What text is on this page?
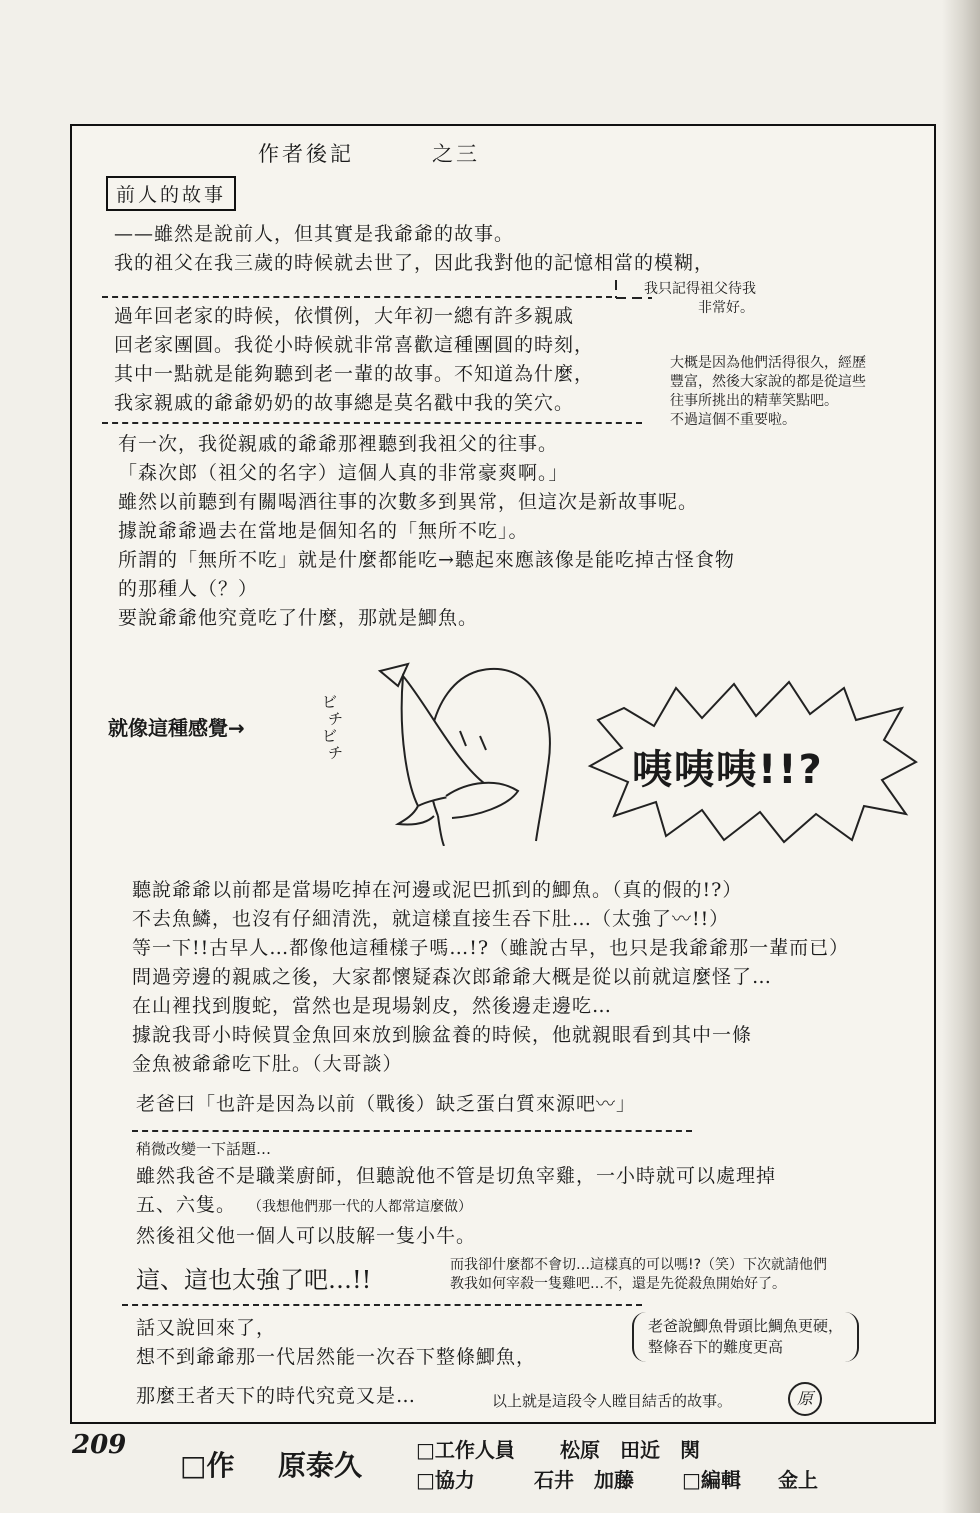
作者後記	之三
前人的故事
——雖然是說前人，但其實是我爺爺的故事。
我的祖父在我三歲的時候就去世了，因此我對他的記憶相當的模糊，
我只記得祖父待我
非常好。
過年回老家的時候，依慣例，大年初一總有許多親戚
回老家團圓。我從小時候就非常喜歡這種團圓的時刻，
其中一點就是能夠聽到老一輩的故事。不知道為什麼，
我家親戚的爺爺奶奶的故事總是莫名戳中我的笑穴。
大概是因為他們活得很久，經歷
豐富，然後大家說的都是從這些
往事所挑出的精華笑點吧。
不過這個不重要啦。
有一次，我從親戚的爺爺那裡聽到我祖父的往事。
「森次郎（祖父的名字）這個人真的非常豪爽啊。」
雖然以前聽到有關喝酒往事的次數多到異常，但這次是新故事呢。
據說爺爺過去在當地是個知名的「無所不吃」。
所謂的「無所不吃」就是什麼都能吃→聽起來應該像是能吃掉古怪食物
的那種人（？）
要說爺爺他究竟吃了什麼，那就是鯽魚。
就像這種感覺→
ビ
チ
ビ
チ	咦咦咦!!?
聽說爺爺以前都是當場吃掉在河邊或泥巴抓到的鯽魚。（真的假的!?）
不去魚鱗，也沒有仔細清洗，就這樣直接生吞下肚…（太強了〰!!）
等一下!!古早人…都像他這種樣子嗎…!?（雖說古早，也只是我爺爺那一輩而已）
問過旁邊的親戚之後，大家都懷疑森次郎爺爺大概是從以前就這麼怪了…
在山裡找到腹蛇，當然也是現場剝皮，然後邊走邊吃…
據說我哥小時候買金魚回來放到臉盆養的時候，他就親眼看到其中一條
金魚被爺爺吃下肚。（大哥談）
老爸曰「也許是因為以前（戰後）缺乏蛋白質來源吧〰」
稍微改變一下話題…
雖然我爸不是職業廚師，但聽說他不管是切魚宰雞，一小時就可以處理掉
五、六隻。 （我想他們那一代的人都常這麼做）
然後祖父他一個人可以肢解一隻小牛。
這、這也太強了吧…!!
而我卻什麼都不會切…這樣真的可以嗎!?（笑）下次就請他們
教我如何宰殺一隻雞吧…不，還是先從殺魚開始好了。
話又說回來了，
想不到爺爺那一代居然能一次吞下整條鯽魚，
老爸說鯽魚骨頭比鯛魚更硬，
整條吞下的難度更高
那麼王者天下的時代究竟又是…	以上就是這段令人瞠目結舌的故事。	原
209
□作 原泰久	□工作人員 松原　田近　関
□協力	石井　加藤 □編輯 金上
